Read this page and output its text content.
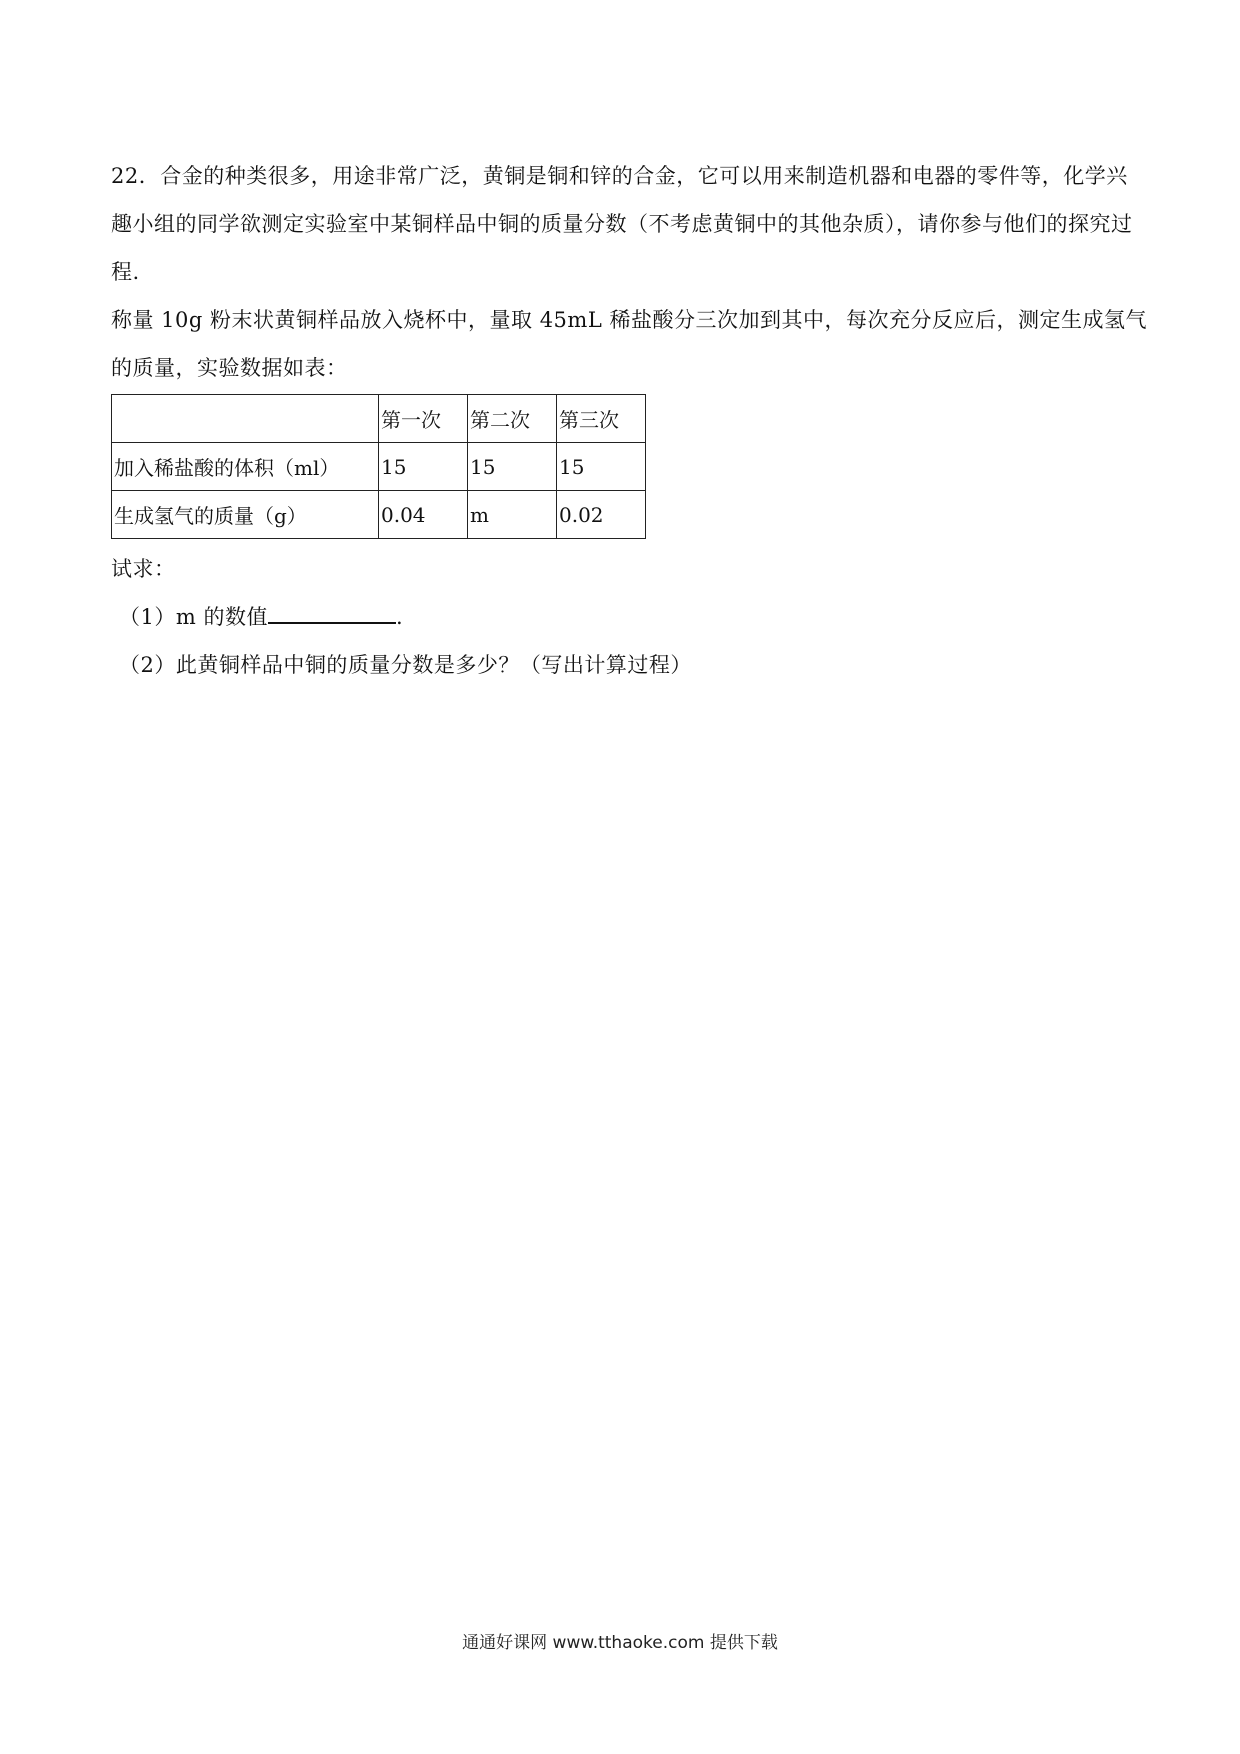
22．合金的种类很多，用途非常广泛，黄铜是铜和锌的合金，它可以用来制造机器和电器的零件等，化学兴趣小组的同学欲测定实验室中某铜样品中铜的质量分数（不考虑黄铜中的其他杂质），请你参与他们的探究过程.

称量 10g 粉末状黄铜样品放入烧杯中，量取 45mL 稀盐酸分三次加到其中，每次充分反应后，测定生成氢气

的质量，实验数据如表：

	第一次	第二次	第三次
加入稀盐酸的体积（ml）	15	15	15
生成氢气的质量（g）	0.04	m	0.02

试求：

（1）m 的数值	.

（2）此黄铜样品中铜的质量分数是多少？（写出计算过程）

通通好课网 www.tthaoke.com 提供下载
